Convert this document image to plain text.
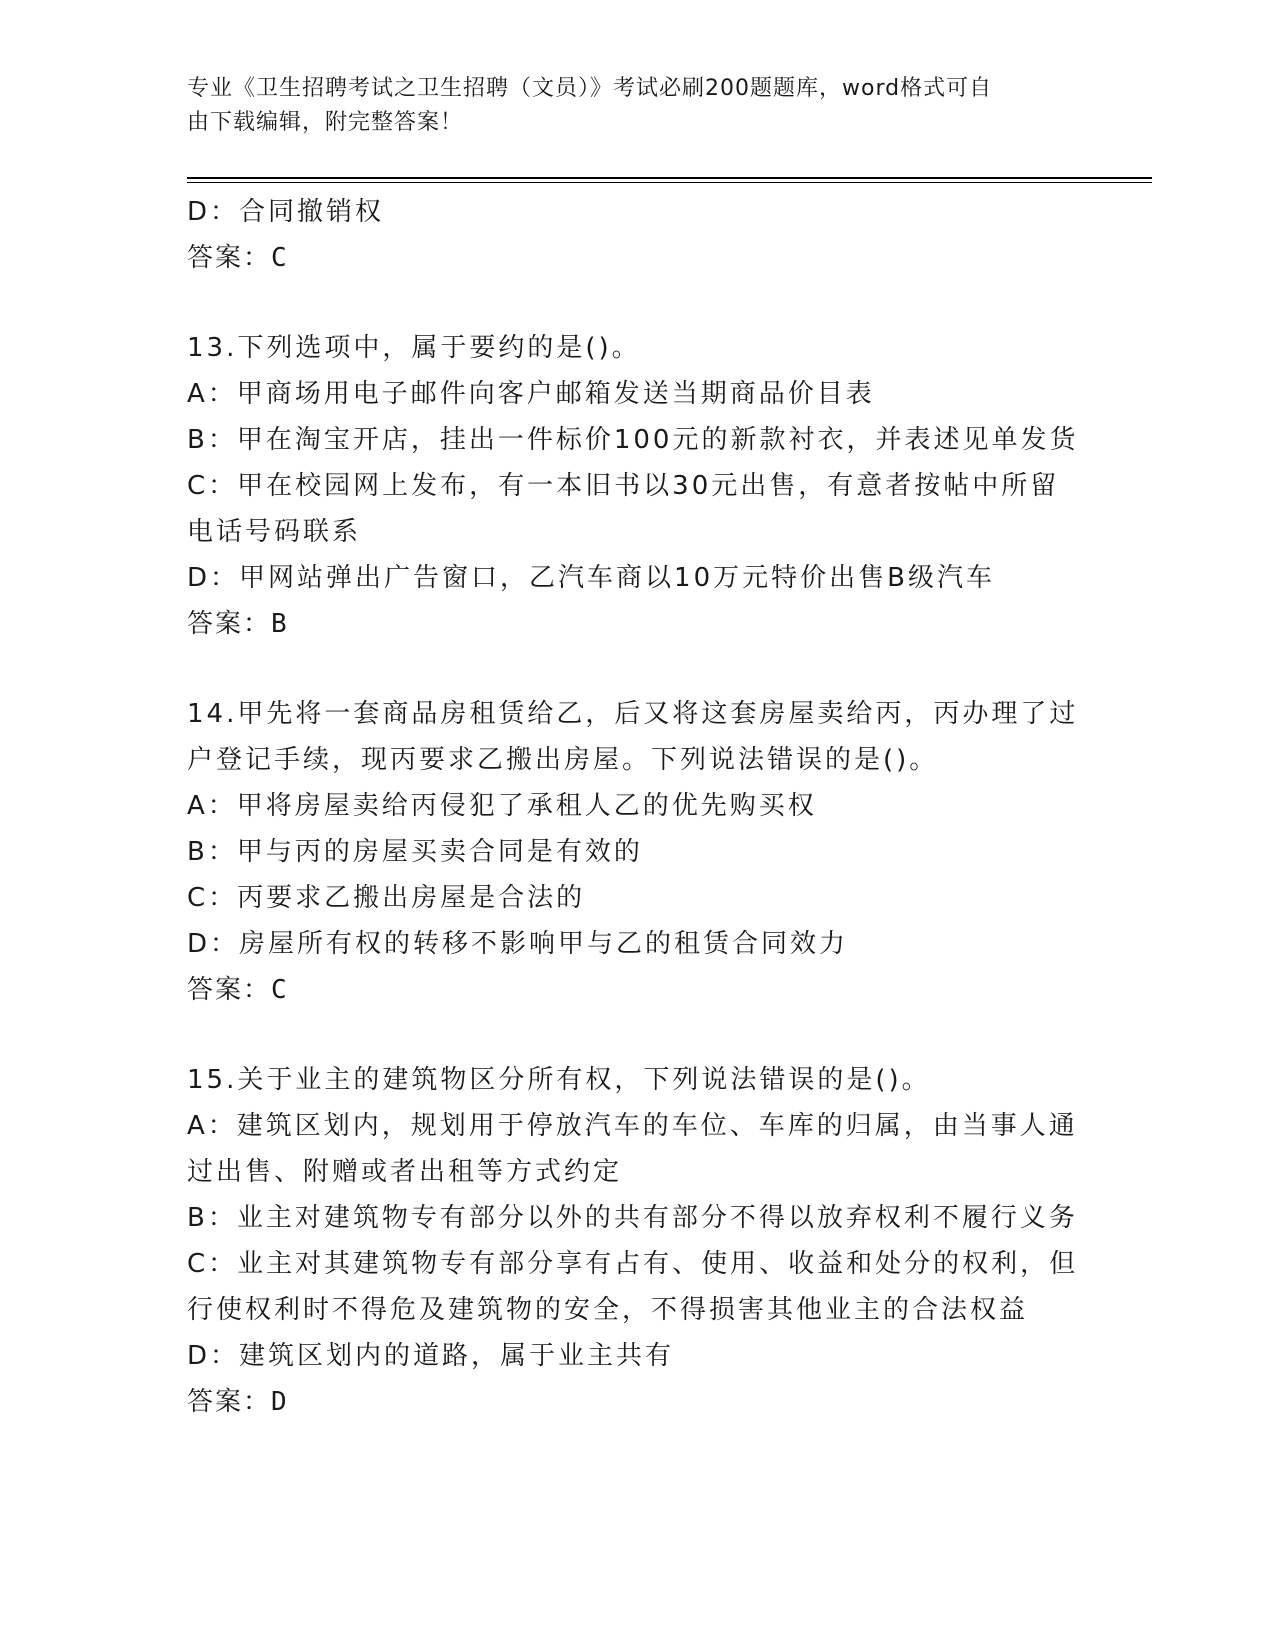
专业《卫生招聘考试之卫生招聘（文员）》考试必刷200题题库，word格式可自
由下载编辑，附完整答案！
D：合同撤销权
答案：C
13.下列选项中，属于要约的是()。
A：甲商场用电子邮件向客户邮箱发送当期商品价目表
B：甲在淘宝开店，挂出一件标价100元的新款衬衣，并表述见单发货
C：甲在校园网上发布，有一本旧书以30元出售，有意者按帖中所留
电话号码联系
D：甲网站弹出广告窗口，乙汽车商以10万元特价出售B级汽车
答案：B
14.甲先将一套商品房租赁给乙，后又将这套房屋卖给丙，丙办理了过
户登记手续，现丙要求乙搬出房屋。下列说法错误的是()。
A：甲将房屋卖给丙侵犯了承租人乙的优先购买权
B：甲与丙的房屋买卖合同是有效的
C：丙要求乙搬出房屋是合法的
D：房屋所有权的转移不影响甲与乙的租赁合同效力
答案：C
15.关于业主的建筑物区分所有权，下列说法错误的是()。
A：建筑区划内，规划用于停放汽车的车位、车库的归属，由当事人通
过出售、附赠或者出租等方式约定
B：业主对建筑物专有部分以外的共有部分不得以放弃权利不履行义务
C：业主对其建筑物专有部分享有占有、使用、收益和处分的权利，但
行使权利时不得危及建筑物的安全，不得损害其他业主的合法权益
D：建筑区划内的道路，属于业主共有
答案：D
